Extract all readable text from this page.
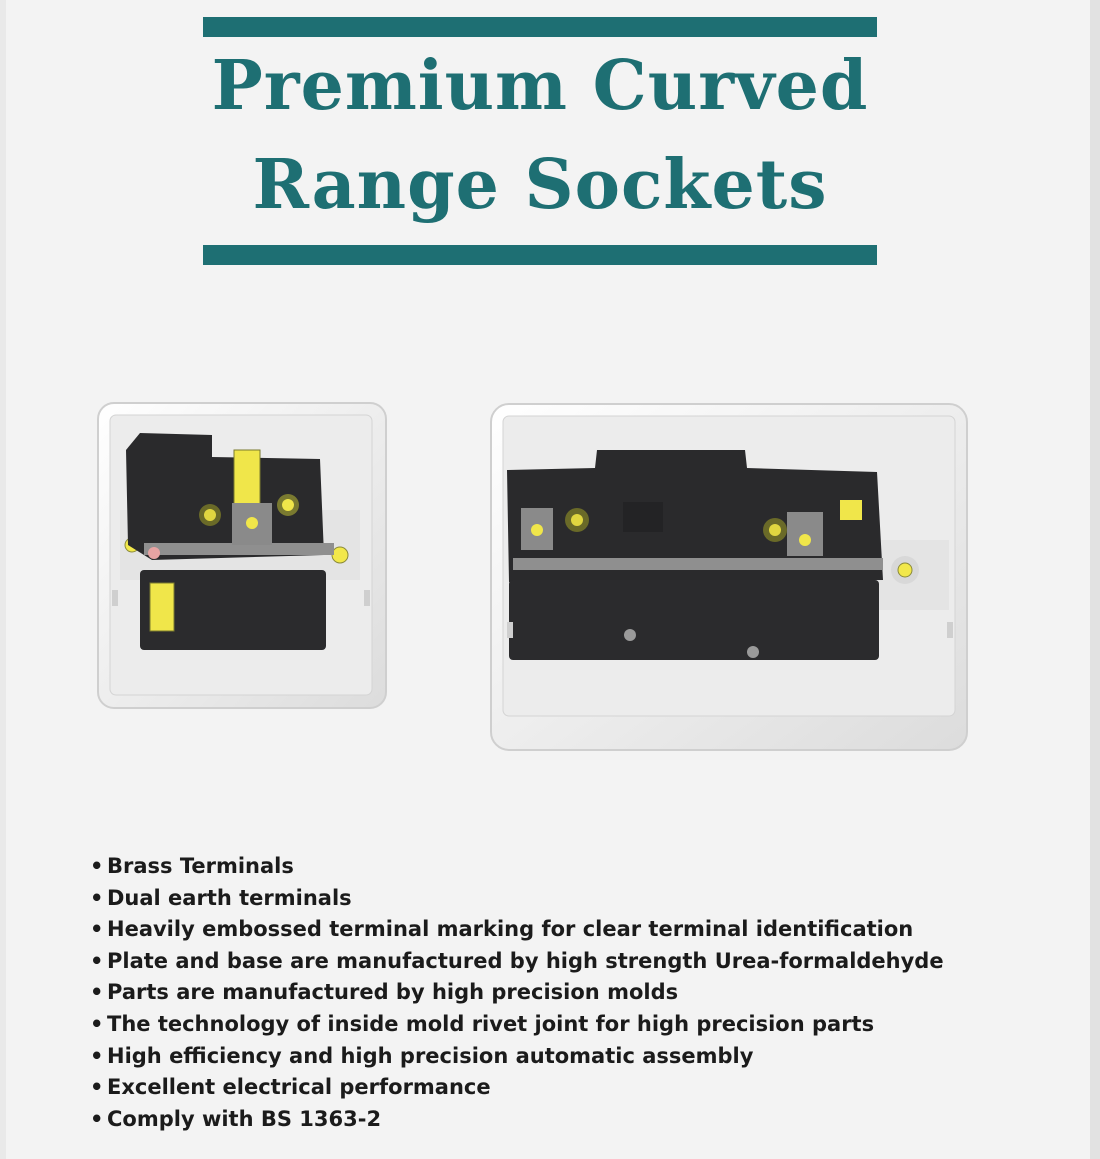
Premium Curved
Range Sockets
• Brass Terminals
• Dual earth terminals
• Heavily embossed terminal marking for clear terminal identification
• Plate and base are manufactured by high strength Urea-formaldehyde
• Parts are manufactured by high precision molds
• The technology of inside mold rivet joint for high precision parts
• High efficiency and high precision automatic assembly
• Excellent electrical performance
• Comply with BS 1363-2
